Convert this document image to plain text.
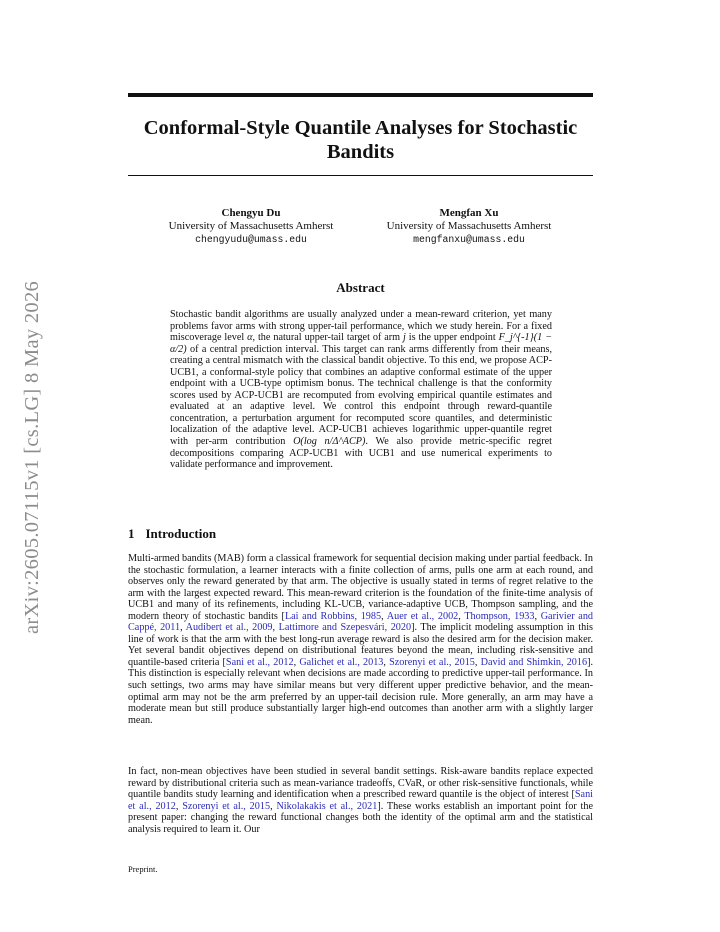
arXiv:2605.07115v1 [cs.LG] 8 May 2026
Conformal-Style Quantile Analyses for Stochastic Bandits
Chengyu Du
University of Massachusetts Amherst
chengyudu@umass.edu
Mengfan Xu
University of Massachusetts Amherst
mengfanxu@umass.edu
Abstract
Stochastic bandit algorithms are usually analyzed under a mean-reward criterion, yet many problems favor arms with strong upper-tail performance, which we study herein. For a fixed miscoverage level α, the natural upper-tail target of arm j is the upper endpoint F_j^{-1}(1 − α/2) of a central prediction interval. This target can rank arms differently from their means, creating a central mismatch with the classical bandit objective. To this end, we propose ACP-UCB1, a conformal-style policy that combines an adaptive conformal estimate of the upper endpoint with a UCB-type optimism bonus. The technical challenge is that the conformity scores used by ACP-UCB1 are recomputed from evolving empirical quantile estimates and evaluated at an adaptive level. We control this endpoint through reward-quantile concentration, a perturbation argument for recomputed score quantiles, and deterministic localization of the adaptive level. ACP-UCB1 achieves logarithmic upper-quantile regret with per-arm contribution O(log n/Δ^ACP). We also provide metric-specific regret decompositions comparing ACP-UCB1 with UCB1 and use numerical experiments to validate performance and improvement.
1 Introduction
Multi-armed bandits (MAB) form a classical framework for sequential decision making under partial feedback. In the stochastic formulation, a learner interacts with a finite collection of arms, pulls one arm at each round, and observes only the reward generated by that arm. The objective is usually stated in terms of regret relative to the arm with the largest expected reward. This mean-reward criterion is the foundation of the finite-time analysis of UCB1 and many of its refinements, including KL-UCB, variance-adaptive UCB, Thompson sampling, and the modern theory of stochastic bandits [Lai and Robbins, 1985, Auer et al., 2002, Thompson, 1933, Garivier and Cappé, 2011, Audibert et al., 2009, Lattimore and Szepesvári, 2020]. The implicit modeling assumption in this line of work is that the arm with the best long-run average reward is also the desired arm for the decision maker. Yet several bandit objectives depend on distributional features beyond the mean, including risk-sensitive and quantile-based criteria [Sani et al., 2012, Galichet et al., 2013, Szorenyi et al., 2015, David and Shimkin, 2016]. This distinction is especially relevant when decisions are made according to predictive upper-tail performance. In such settings, two arms may have similar means but very different upper predictive behavior, and the mean-optimal arm may not be the arm preferred by an upper-tail decision rule. More generally, an arm may have a moderate mean but still produce substantially larger high-end outcomes than another arm with a slightly larger mean.
In fact, non-mean objectives have been studied in several bandit settings. Risk-aware bandits replace expected reward by distributional criteria such as mean-variance tradeoffs, CVaR, or other risk-sensitive functionals, while quantile bandits study learning and identification when a prescribed reward quantile is the object of interest [Sani et al., 2012, Szorenyi et al., 2015, Nikolakakis et al., 2021]. These works establish an important point for the present paper: changing the reward functional changes both the identity of the optimal arm and the statistical analysis required to learn it. Our
Preprint.
